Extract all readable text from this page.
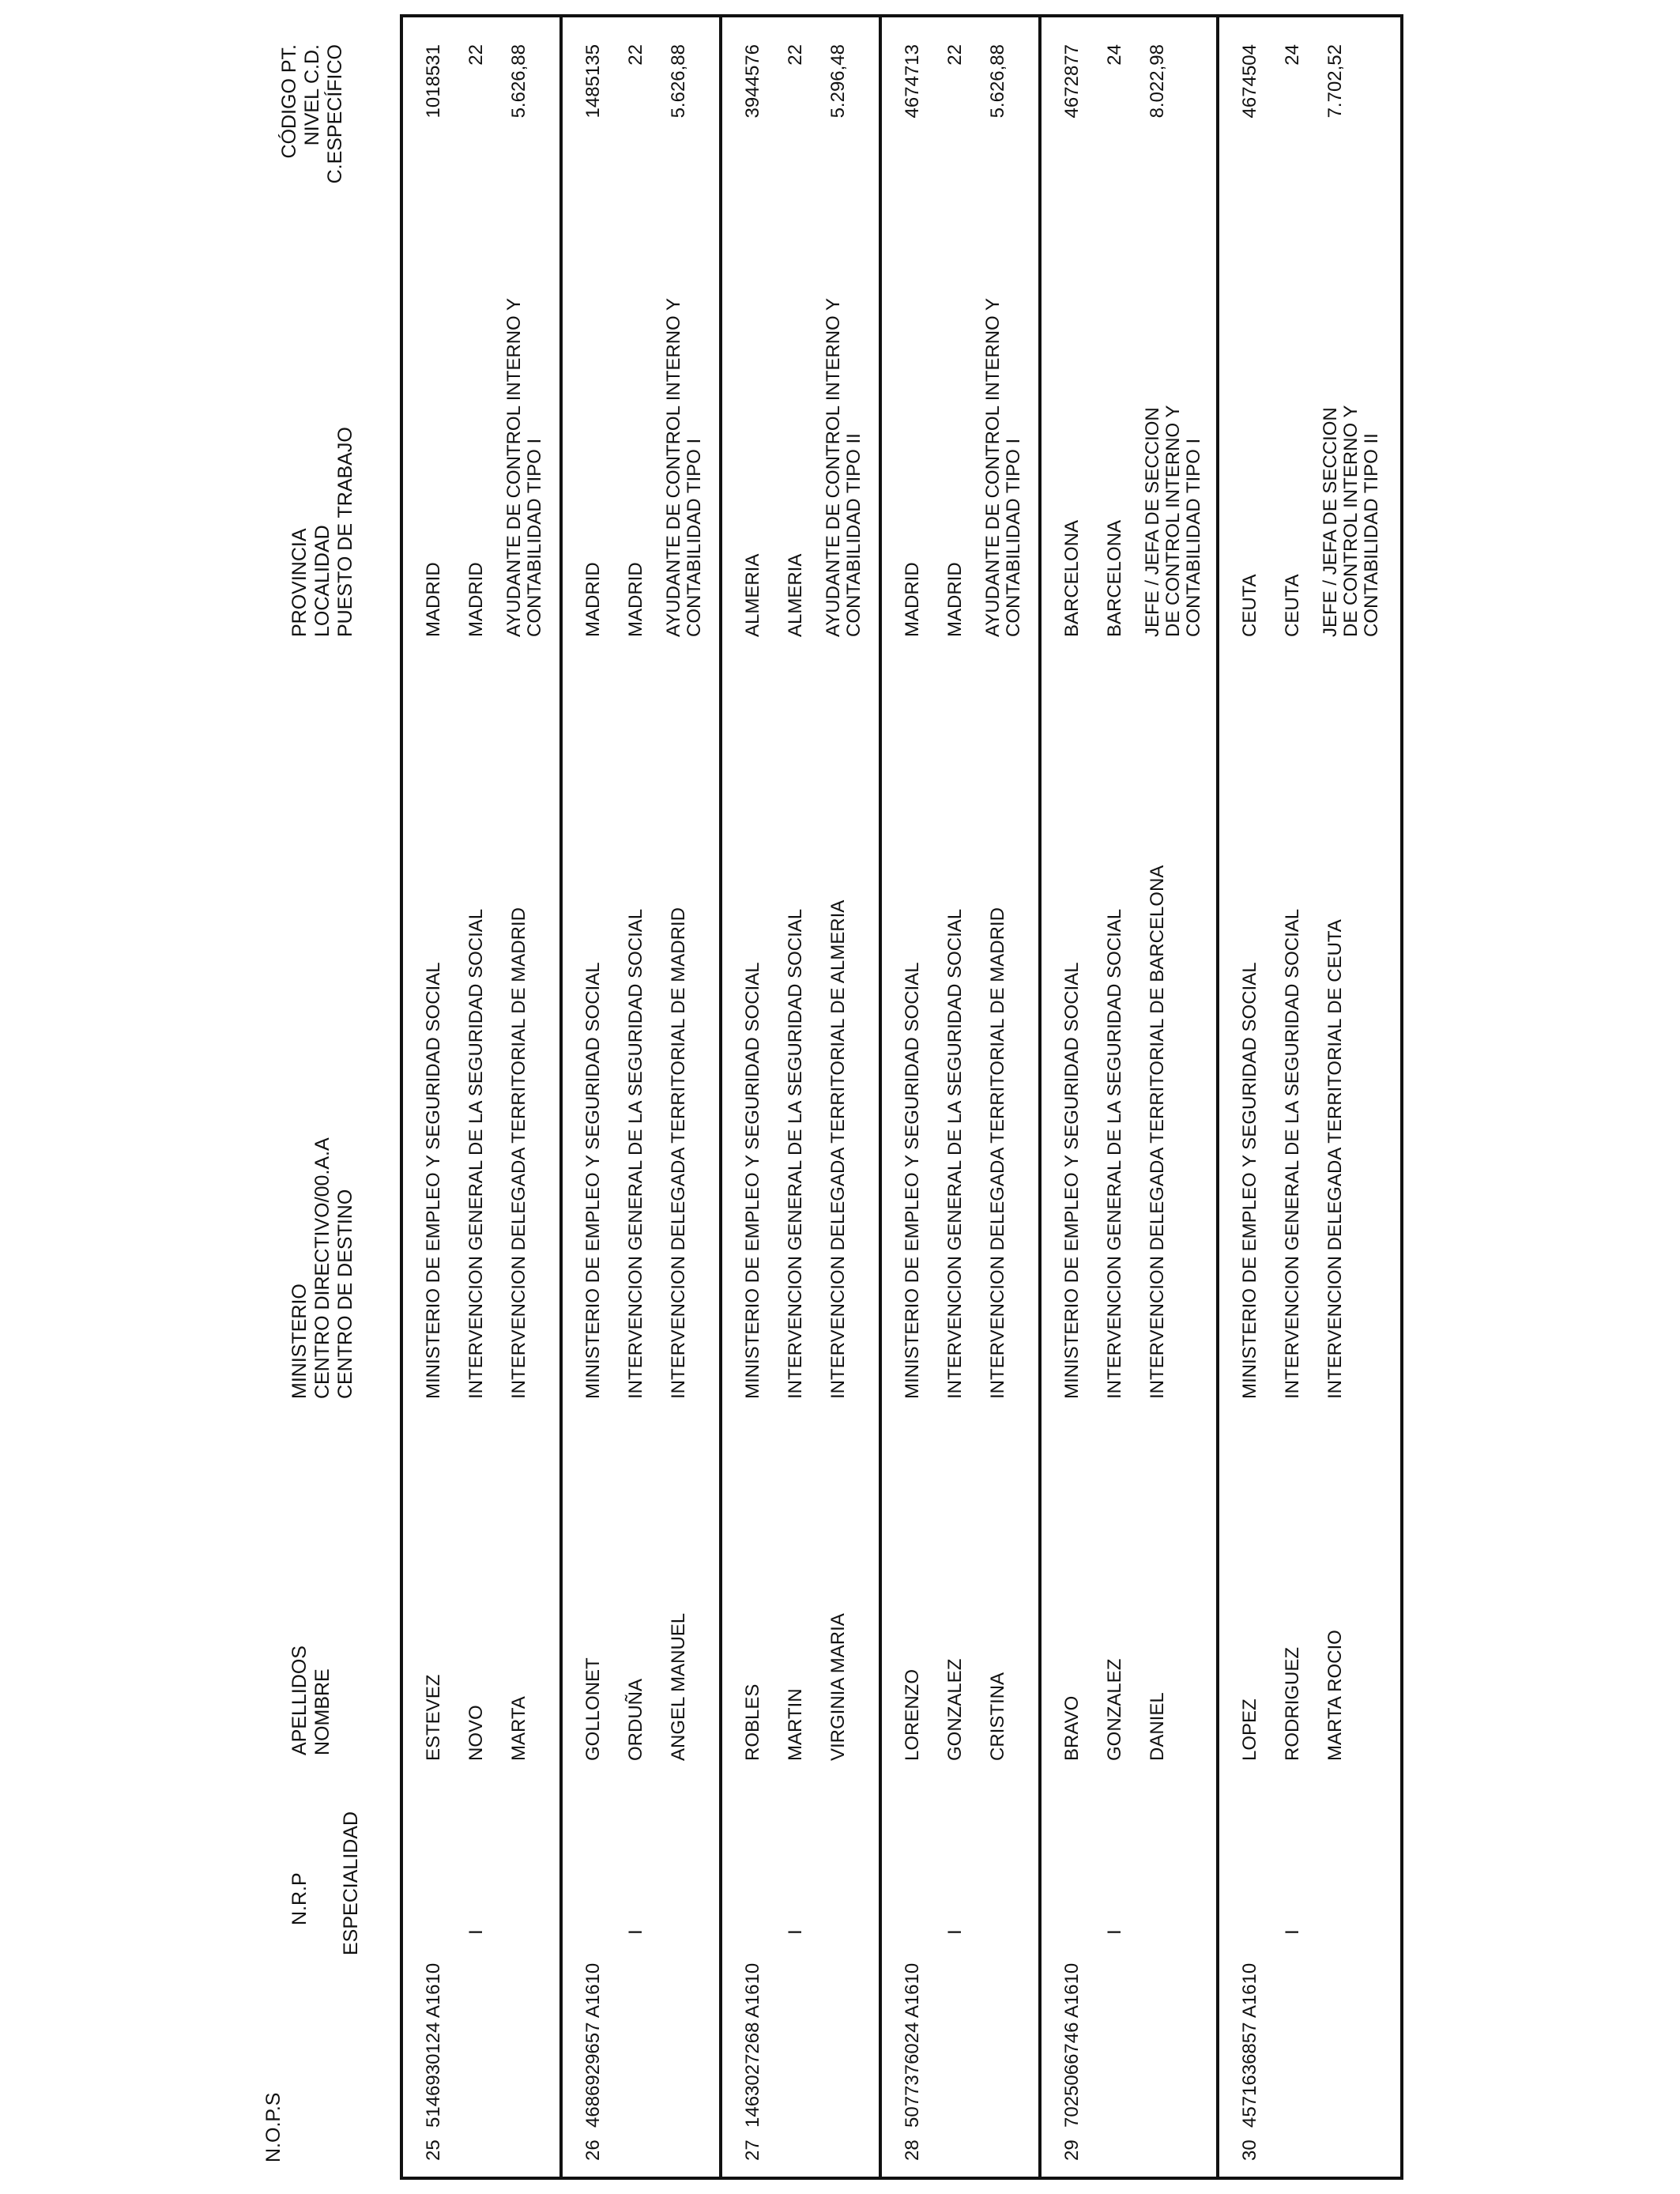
N.O.P.S
N.R.P ESPECIALIDAD
APELLIDOS NOMBRE
MINISTERIO CENTRO DIRECTIVO/00.A.A CENTRO DE DESTINO
PROVINCIA LOCALIDAD PUESTO DE TRABAJO
CÓDIGO PT. NIVEL C.D. C.ESPECÍFICO
25
5146930124 A1610
I
ESTEVEZ NOVO MARTA
MINISTERIO DE EMPLEO Y SEGURIDAD SOCIAL INTERVENCION GENERAL DE LA SEGURIDAD SOCIAL INTERVENCION DELEGADA TERRITORIAL DE MADRID
MADRID MADRID AYUDANTE DE CONTROL INTERNO Y CONTABILIDAD TIPO I
1018531 22 5.626,88
26
4686929657 A1610
I
GOLLONET ORDUÑA ANGEL MANUEL
MINISTERIO DE EMPLEO Y SEGURIDAD SOCIAL INTERVENCION GENERAL DE LA SEGURIDAD SOCIAL INTERVENCION DELEGADA TERRITORIAL DE MADRID
MADRID MADRID AYUDANTE DE CONTROL INTERNO Y CONTABILIDAD TIPO I
1485135 22 5.626,88
27
1463027268 A1610
I
ROBLES MARTIN VIRGINIA MARIA
MINISTERIO DE EMPLEO Y SEGURIDAD SOCIAL INTERVENCION GENERAL DE LA SEGURIDAD SOCIAL INTERVENCION DELEGADA TERRITORIAL DE ALMERIA
ALMERIA ALMERIA AYUDANTE DE CONTROL INTERNO Y CONTABILIDAD TIPO II
3944576 22 5.296,48
28
5077376024 A1610
I
LORENZO GONZALEZ CRISTINA
MINISTERIO DE EMPLEO Y SEGURIDAD SOCIAL INTERVENCION GENERAL DE LA SEGURIDAD SOCIAL INTERVENCION DELEGADA TERRITORIAL DE MADRID
MADRID MADRID AYUDANTE DE CONTROL INTERNO Y CONTABILIDAD TIPO I
4674713 22 5.626,88
29
7025066746 A1610
I
BRAVO GONZALEZ DANIEL
MINISTERIO DE EMPLEO Y SEGURIDAD SOCIAL INTERVENCION GENERAL DE LA SEGURIDAD SOCIAL INTERVENCION DELEGADA TERRITORIAL DE BARCELONA
BARCELONA BARCELONA JEFE / JEFA DE SECCION DE CONTROL INTERNO Y CONTABILIDAD TIPO I
4672877 24 8.022,98
30
4571636857 A1610
I
LOPEZ RODRIGUEZ MARTA ROCIO
MINISTERIO DE EMPLEO Y SEGURIDAD SOCIAL INTERVENCION GENERAL DE LA SEGURIDAD SOCIAL INTERVENCION DELEGADA TERRITORIAL DE CEUTA
CEUTA CEUTA JEFE / JEFA DE SECCION DE CONTROL INTERNO Y CONTABILIDAD TIPO II
4674504 24 7.702,52
